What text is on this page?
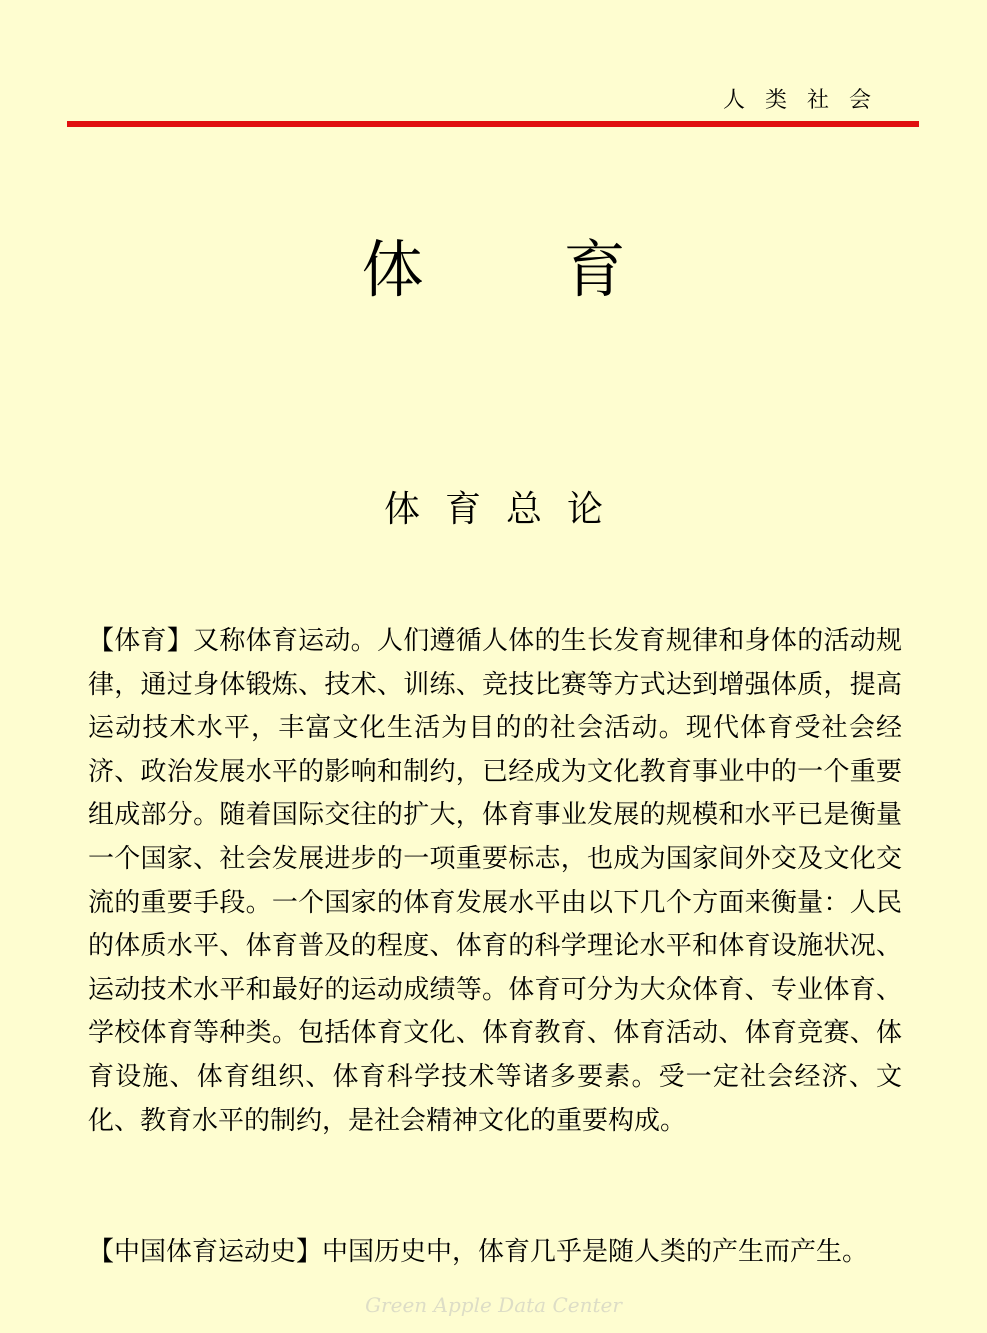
人类社会
体育
体育总论

【体育】又称体育运动。人们遵循人体的生长发育规律和身体的活动规律，通过身体锻炼、技术、训练、竞技比赛等方式达到增强体质，提高运动技术水平，丰富文化生活为目的的社会活动。现代体育受社会经济、政治发展水平的影响和制约，已经成为文化教育事业中的一个重要组成部分。随着国际交往的扩大，体育事业发展的规模和水平已是衡量一个国家、社会发展进步的一项重要标志，也成为国家间外交及文化交流的重要手段。一个国家的体育发展水平由以下几个方面来衡量：人民的体质水平、体育普及的程度、体育的科学理论水平和体育设施状况、运动技术水平和最好的运动成绩等。体育可分为大众体育、专业体育、学校体育等种类。包括体育文化、体育教育、体育活动、体育竞赛、体育设施、体育组织、体育科学技术等诸多要素。受一定社会经济、文化、教育水平的制约，是社会精神文化的重要构成。

【中国体育运动史】中国历史中，体育几乎是随人类的产生而产生。

Green Apple Data Center
